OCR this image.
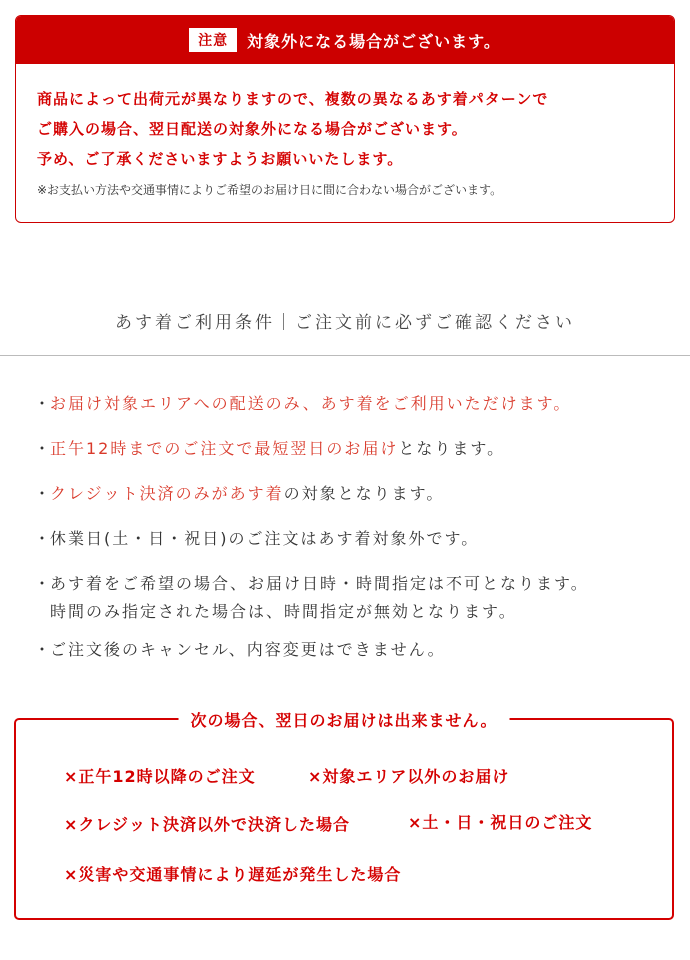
注意	対象外になる場合がございます。
商品によって出荷元が異なりますので、複数の異なるあす着パターンで
ご購入の場合、翌日配送の対象外になる場合がございます。
予め、ご了承くださいますようお願いいたします。
※お支払い方法や交通事情によりご希望のお届け日に間に合わない場合がございます。
あす着ご利用条件｜ご注文前に必ずご確認ください
・
お届け対象エリアへの配送のみ、あす着をご利用いただけます。
・
正午12時までのご注文で最短翌日のお届けとなります。
・
クレジット決済のみがあす着の対象となります。
・
休業日(土・日・祝日)のご注文はあす着対象外です。
・
あす着をご希望の場合、お届け日時・時間指定は不可となります。
時間のみ指定された場合は、時間指定が無効となります。
・
ご注文後のキャンセル、内容変更はできません。
次の場合、翌日のお届けは出来ません。
×正午12時以降のご注文	×対象エリア以外のお届け
×クレジット決済以外で決済した場合	×土・日・祝日のご注文
×災害や交通事情により遅延が発生した場合
